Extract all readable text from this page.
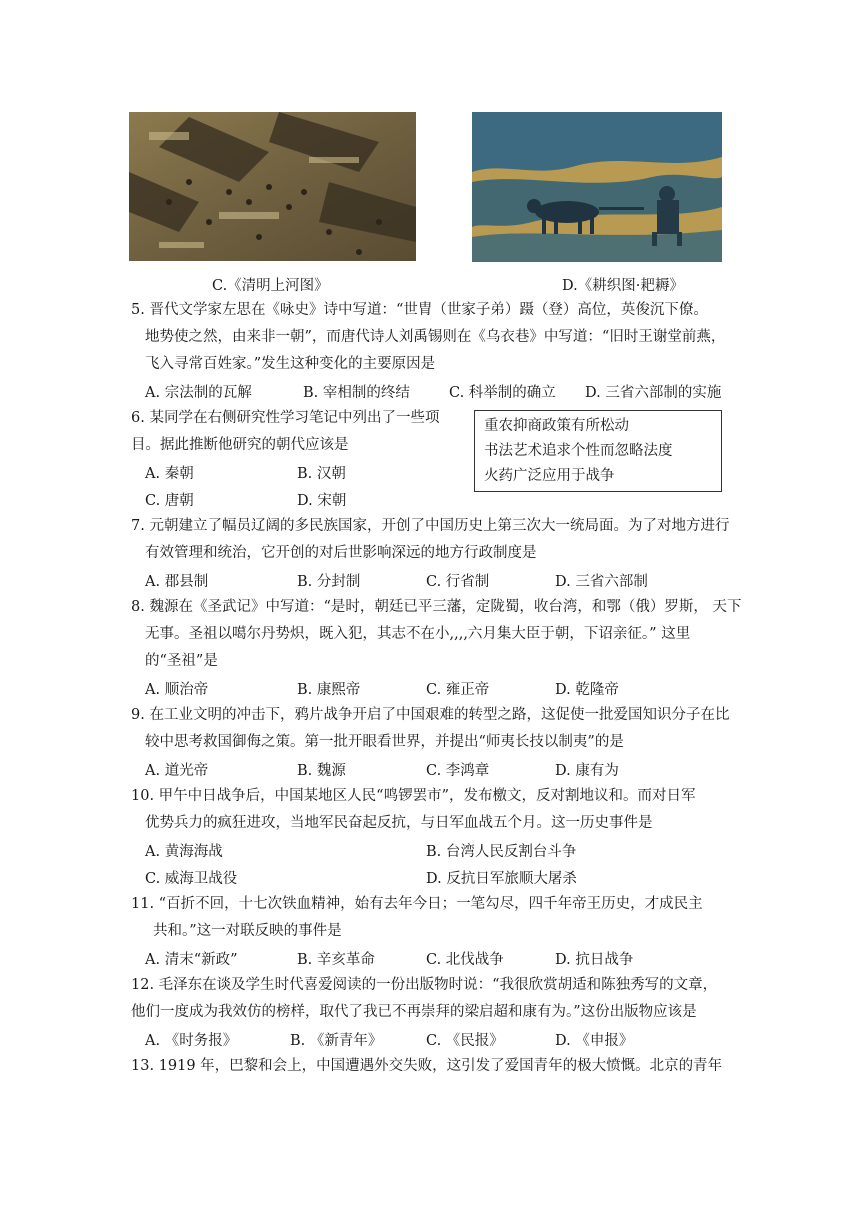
C.《清明上河图》	D.《耕织图·耙耨》
5. 晋代文学家左思在《咏史》诗中写道：“世胄（世家子弟）蹑（登）高位，英俊沉下僚。
地势使之然，由来非一朝”，而唐代诗人刘禹锡则在《乌衣巷》中写道：“旧时王谢堂前燕，
飞入寻常百姓家。”发生这种变化的主要原因是
A. 宗法制的瓦解	B. 宰相制的终结	C. 科举制的确立 D. 三省六部制的实施
6. 某同学在右侧研究性学习笔记中列出了一些项
目。据此推断他研究的朝代应该是
A. 秦朝	B. 汉朝
C. 唐朝	D. 宋朝
重农抑商政策有所松动
书法艺术追求个性而忽略法度
火药广泛应用于战争
7. 元朝建立了幅员辽阔的多民族国家，开创了中国历史上第三次大一统局面。为了对地方进行
有效管理和统治，它开创的对后世影响深远的地方行政制度是
A. 郡县制	B. 分封制	C. 行省制	D. 三省六部制
8. 魏源在《圣武记》中写道：“是时，朝廷已平三藩，定陇蜀，收台湾，和鄂（俄）罗斯， 天下
无事。圣祖以噶尔丹势炽，既入犯，其志不在小,,,,六月集大臣于朝，下诏亲征。” 这里
的“圣祖”是
A. 顺治帝	B. 康熙帝	C. 雍正帝	D. 乾隆帝
9. 在工业文明的冲击下，鸦片战争开启了中国艰难的转型之路，这促使一批爱国知识分子在比
较中思考救国御侮之策。第一批开眼看世界，并提出“师夷长技以制夷”的是
A. 道光帝	B. 魏源	C. 李鸿章	D. 康有为
10. 甲午中日战争后，中国某地区人民“鸣锣罢市”，发布檄文，反对割地议和。而对日军
优势兵力的疯狂进攻，当地军民奋起反抗，与日军血战五个月。这一历史事件是
A. 黄海海战	B. 台湾人民反割台斗争
C. 威海卫战役	D. 反抗日军旅顺大屠杀
11. “百折不回，十七次铁血精神，始有去年今日；一笔勾尽，四千年帝王历史，才成民主
共和。”这一对联反映的事件是
A. 清末“新政”	B. 辛亥革命	C. 北伐战争	D. 抗日战争
12. 毛泽东在谈及学生时代喜爱阅读的一份出版物时说：“我很欣赏胡适和陈独秀写的文章，
他们一度成为我效仿的榜样，取代了我已不再崇拜的梁启超和康有为。”这份出版物应该是
A. 《时务报》	B. 《新青年》	C. 《民报》	D. 《申报》
13. 1919 年，巴黎和会上，中国遭遇外交失败，这引发了爱国青年的极大愤慨。北京的青年
